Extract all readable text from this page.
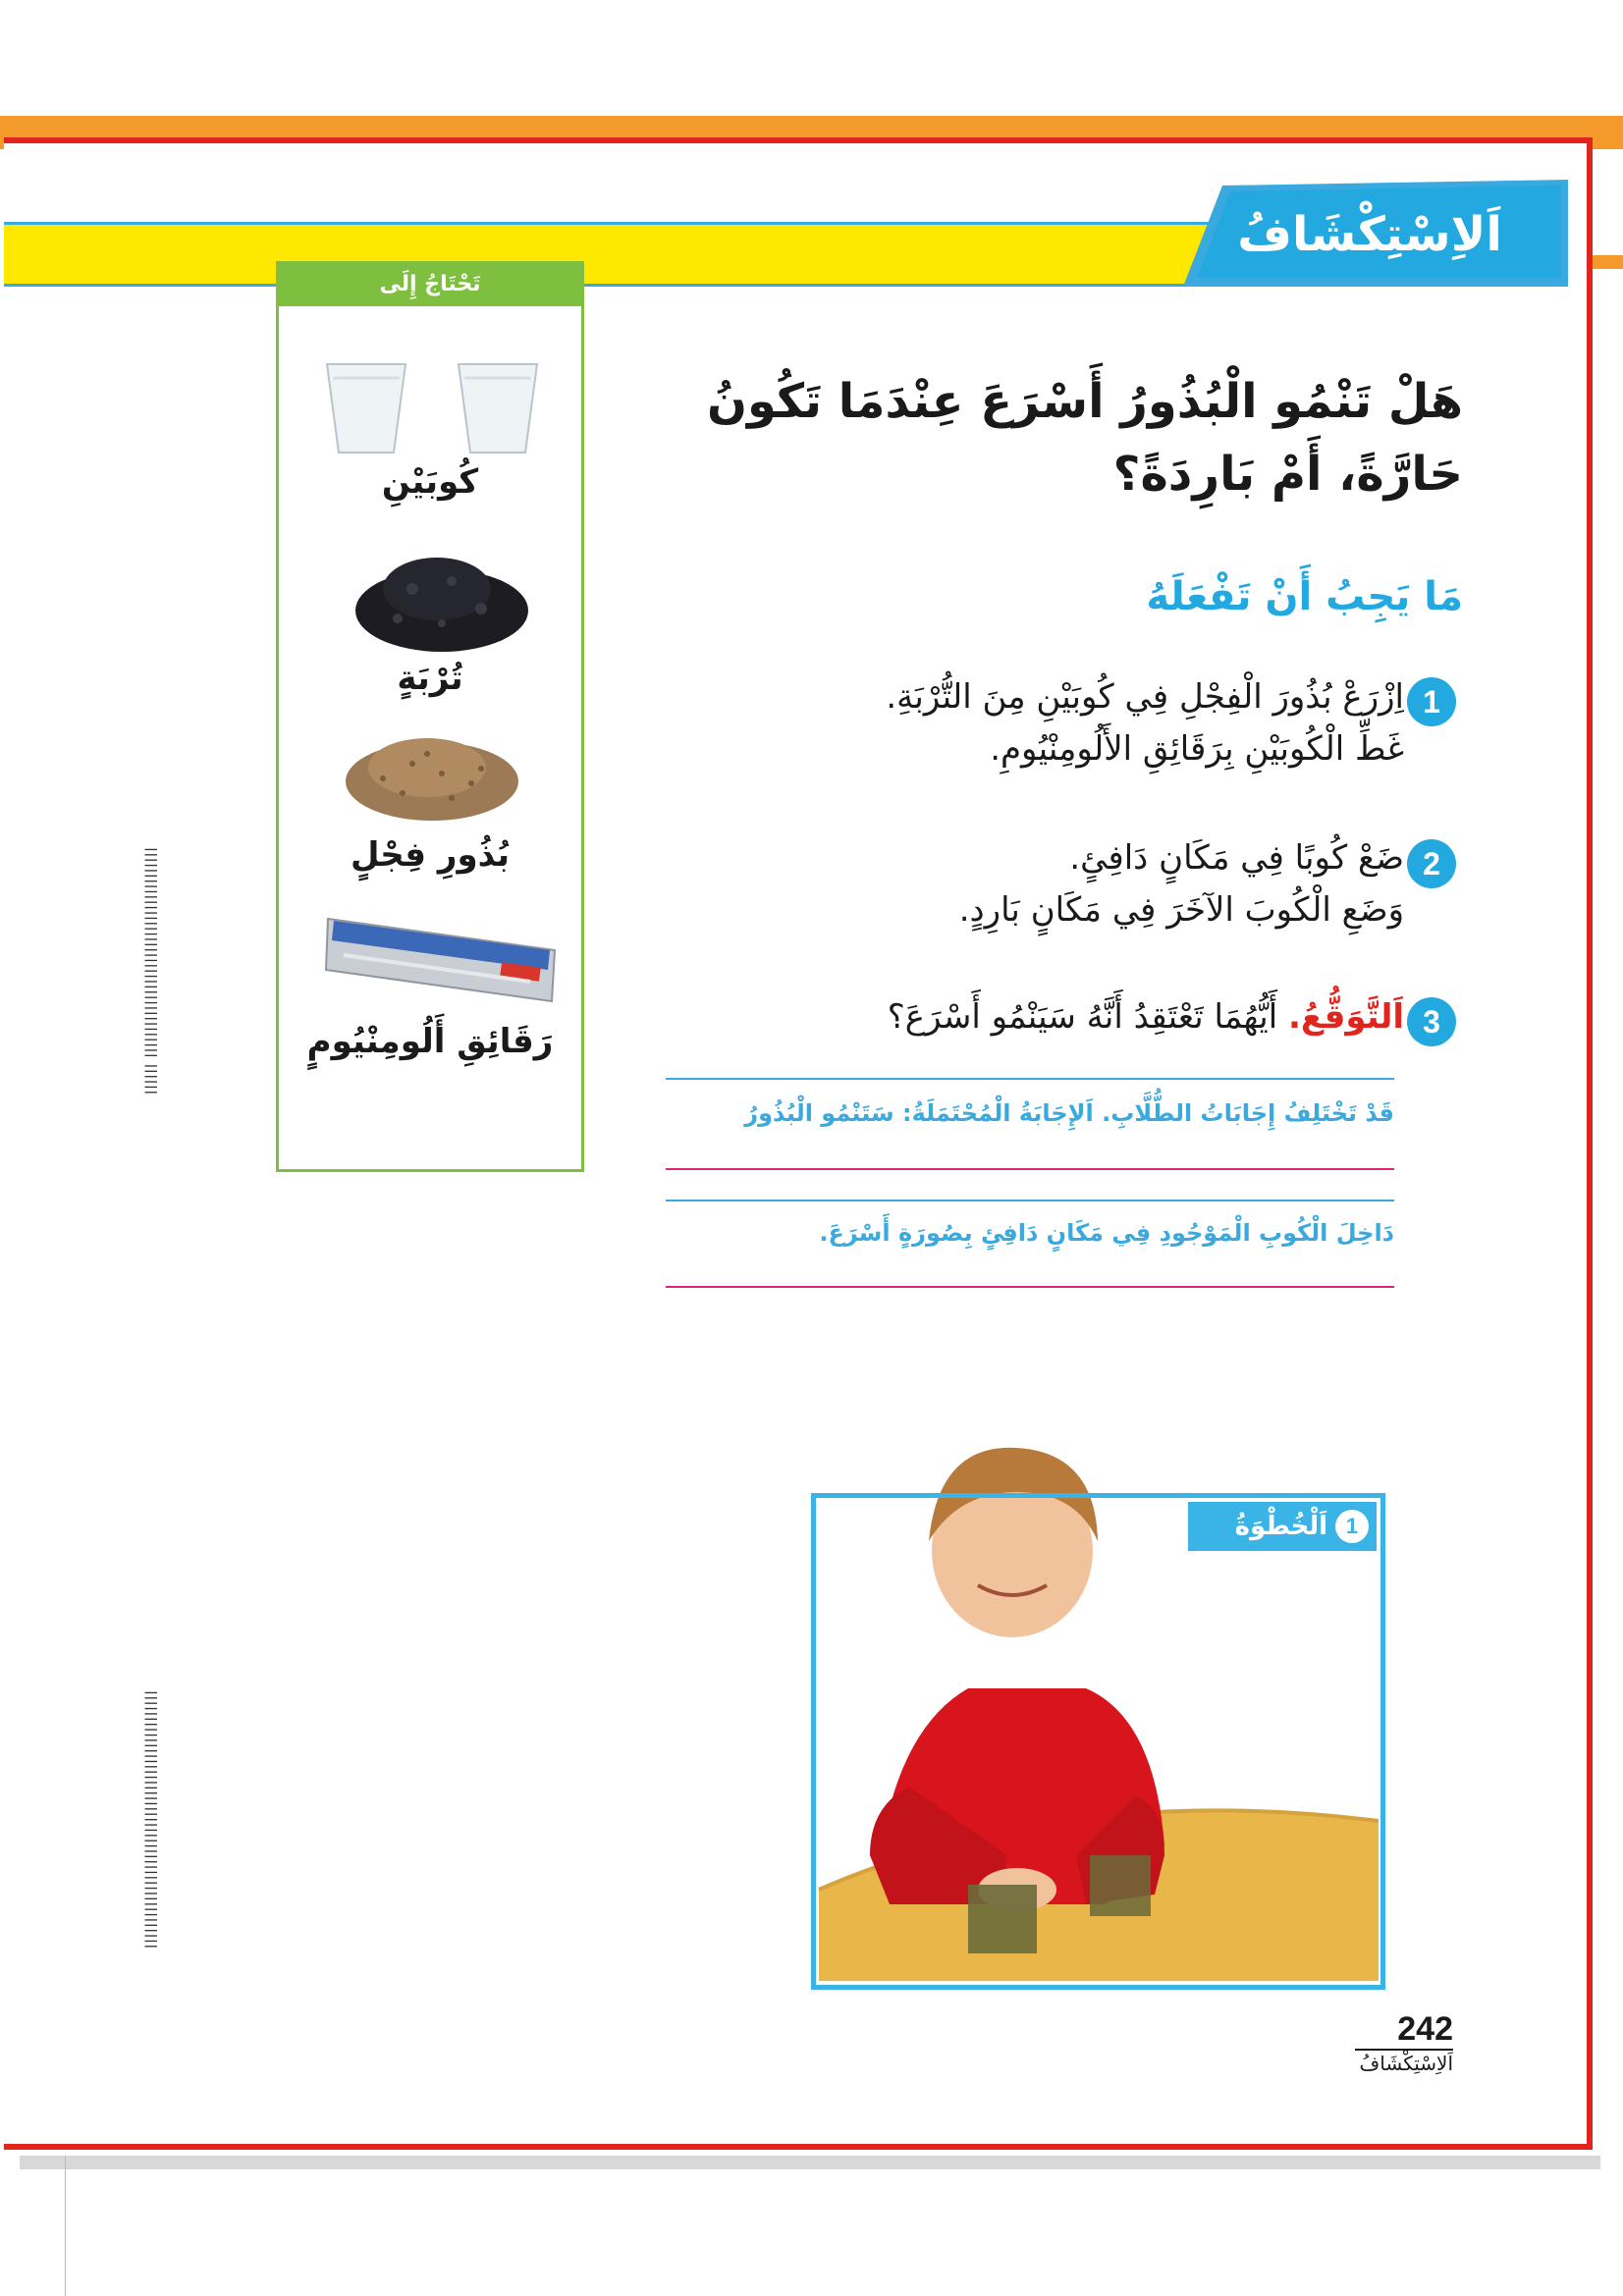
اَلاِسْتِكْشَافُ
تَحْتَاجُ إِلَى
كُوبَيْنِ
تُرْبَةٍ
بُذُورِ فِجْلٍ
رَقَائِقِ أَلُومِنْيُومٍ
هَلْ تَنْمُو الْبُذُورُ أَسْرَعَ عِنْدَمَا تَكُونُ
حَارَّةً، أَمْ بَارِدَةً؟
مَا يَجِبُ أَنْ تَفْعَلَهُ
1
اِزْرَعْ بُذُورَ الْفِجْلِ فِي كُوبَيْنِ مِنَ التُّرْبَةِ.
غَطِّ الْكُوبَيْنِ بِرَقَائِقِ الأَلُومِنْيُومِ.
2
ضَعْ كُوبًا فِي مَكَانٍ دَافِئٍ.
وَضَعِ الْكُوبَ الآخَرَ فِي مَكَانٍ بَارِدٍ.
3
اَلتَّوَقُّعُ. أَيُّهُمَا تَعْتَقِدُ أَنَّهُ سَيَنْمُو أَسْرَعَ؟
قَدْ تَخْتَلِفُ إِجَابَاتُ الطُّلَّابِ. اَلإِجَابَةُ الْمُحْتَمَلَةُ: سَتَنْمُو الْبُذُورُ
دَاخِلَ الْكُوبِ الْمَوْجُودِ فِي مَكَانٍ دَافِئٍ بِصُورَةٍ أَسْرَعَ.
|||||| ||||||||||||||||||||||||||||||||||||||||
|||||||||||||||||||||||||||||||||||||||||||||||||
1
اَلْخُطْوَةُ
242
اَلاِسْتِكْشَافُ
